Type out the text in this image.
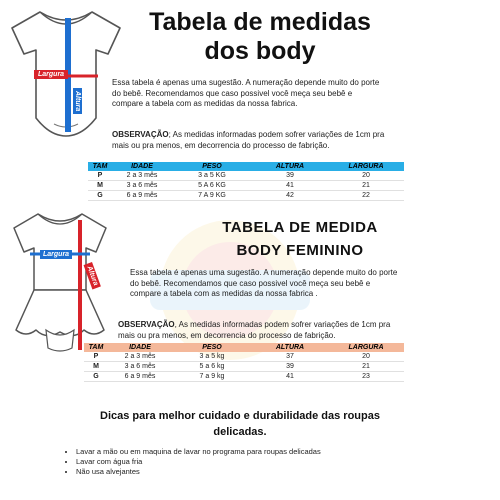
Largura
Altura
Tabela de medidas
dos body
Essa tabela é apenas uma sugestão. A numeração depende muito do porte do bebê. Recomendamos que caso possivel você meça seu bebê e compare a tabela com as medidas da nossa fabrica.
OBSERVAÇÃO; As medidas informadas podem sofrer variações de 1cm pra mais ou pra menos, em decorrencia do processo de fabrição.
TAM	IDADE	PESO	ALTURA	LARGURA
P	2 a 3 mês	3 a 5 KG	39	20
M	3 a 6 mês	5 A 6 KG	41	21
G	6 a 9 mês	7 A 9 KG	42	22
Largura
Altura
TABELA DE MEDIDA
BODY FEMININO
Essa tabela é apenas uma sugestão. A numeração depende muito do porte do bebê. Recomendamos que caso possivel você meça seu bebê e compare a tabela com as medidas da nossa fabrica .
OBSERVAÇÃO, As medidas informadas podem sofrer variações de 1cm pra mais ou pra menos, em decorrencia do processo de fabrição.
TAM	IDADE	PESO	ALTURA	LARGURA
P	2 a 3 mês	3 a 5 kg	37	20
M	3 a 6 mês	5 a 6 kg	39	21
G	6 a 9 mês	7 a 9 kg	41	23
Dicas para melhor cuidado e durabilidade das roupas delicadas.
• Lavar a mão ou em maquina de lavar no programa para roupas delicadas
• Lavar com água fria
• Não usa alvejantes
